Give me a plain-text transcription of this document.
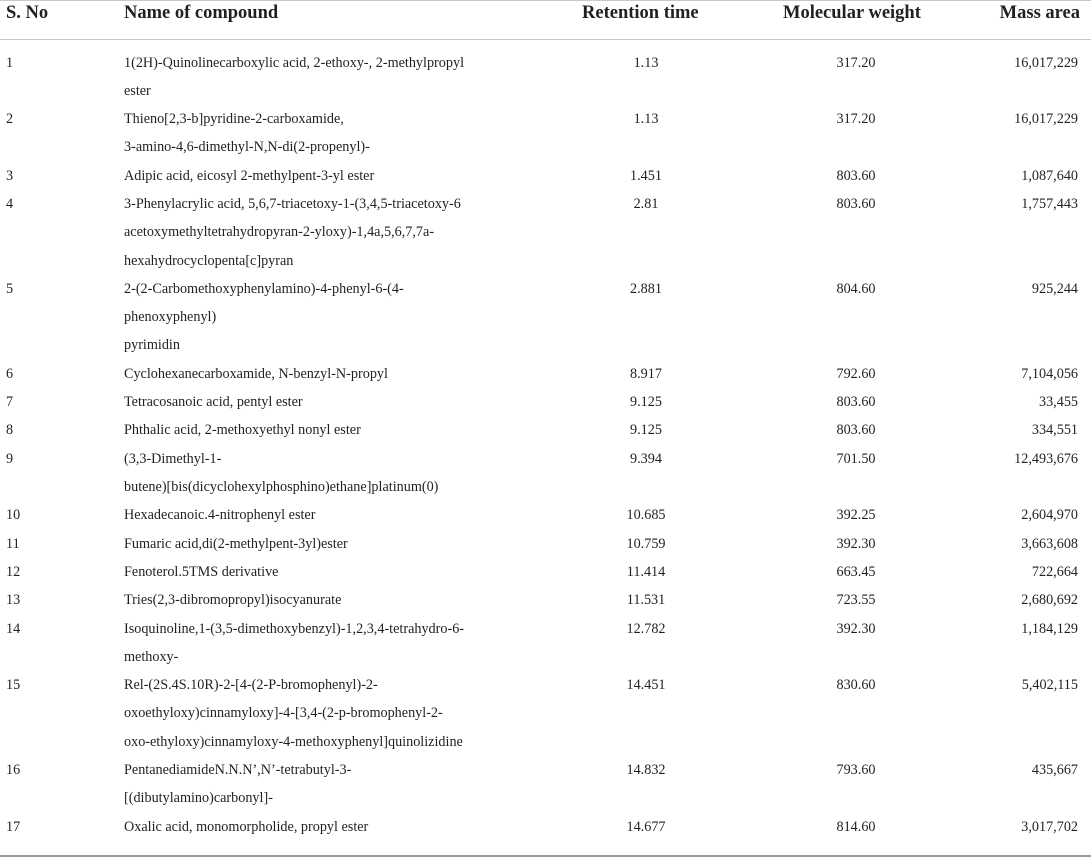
S. No	Name of compound	Retention time	Molecular weight	Mass area
1	1(2H)-Quinolinecarboxylic acid, 2-ethoxy-, 2-methylpropyl
ester
1.13	317.20	16,017,229
2	Thieno[2,3-b]pyridine-2-carboxamide,
3-amino-4,6-dimethyl-N,N-di(2-propenyl)-
1.13	317.20	16,017,229
3	Adipic acid, eicosyl 2-methylpent-3-yl ester	1.451	803.60	1,087,640
4	3-Phenylacrylic acid, 5,6,7-triacetoxy-1-(3,4,5-triacetoxy-6
acetoxymethyltetrahydropyran-2-yloxy)-1,4a,5,6,7,7a-
hexahydrocyclopenta[c]pyran
2.81	803.60	1,757,443
5	2-(2-Carbomethoxyphenylamino)-4-phenyl-6-(4-
phenoxyphenyl)
pyrimidin
2.881	804.60	925,244
6	Cyclohexanecarboxamide, N-benzyl-N-propyl	8.917	792.60	7,104,056
7	Tetracosanoic acid, pentyl ester	9.125	803.60	33,455
8	Phthalic acid, 2-methoxyethyl nonyl ester	9.125	803.60	334,551
9	(3,3-Dimethyl-1-
butene)[bis(dicyclohexylphosphino)ethane]platinum(0)
9.394	701.50	12,493,676
10	Hexadecanoic.4-nitrophenyl ester	10.685	392.25	2,604,970
11	Fumaric acid,di(2-methylpent-3yl)ester	10.759	392.30	3,663,608
12	Fenoterol.5TMS derivative	11.414	663.45	722,664
13	Tries(2,3-dibromopropyl)isocyanurate	11.531	723.55	2,680,692
14	Isoquinoline,1-(3,5-dimethoxybenzyl)-1,2,3,4-tetrahydro-6-
methoxy-
12.782	392.30	1,184,129
15	Rel-(2S.4S.10R)-2-[4-(2-P-bromophenyl)-2-
oxoethyloxy)cinnamyloxy]-4-[3,4-(2-p-bromophenyl-2-
oxo-ethyloxy)cinnamyloxy-4-methoxyphenyl]quinolizidine
14.451	830.60	5,402,115
16	PentanediamideN.N.N’,N’-tetrabutyl-3-
[(dibutylamino)carbonyl]-
14.832	793.60	435,667
17	Oxalic acid, monomorpholide, propyl ester	14.677	814.60	3,017,702
